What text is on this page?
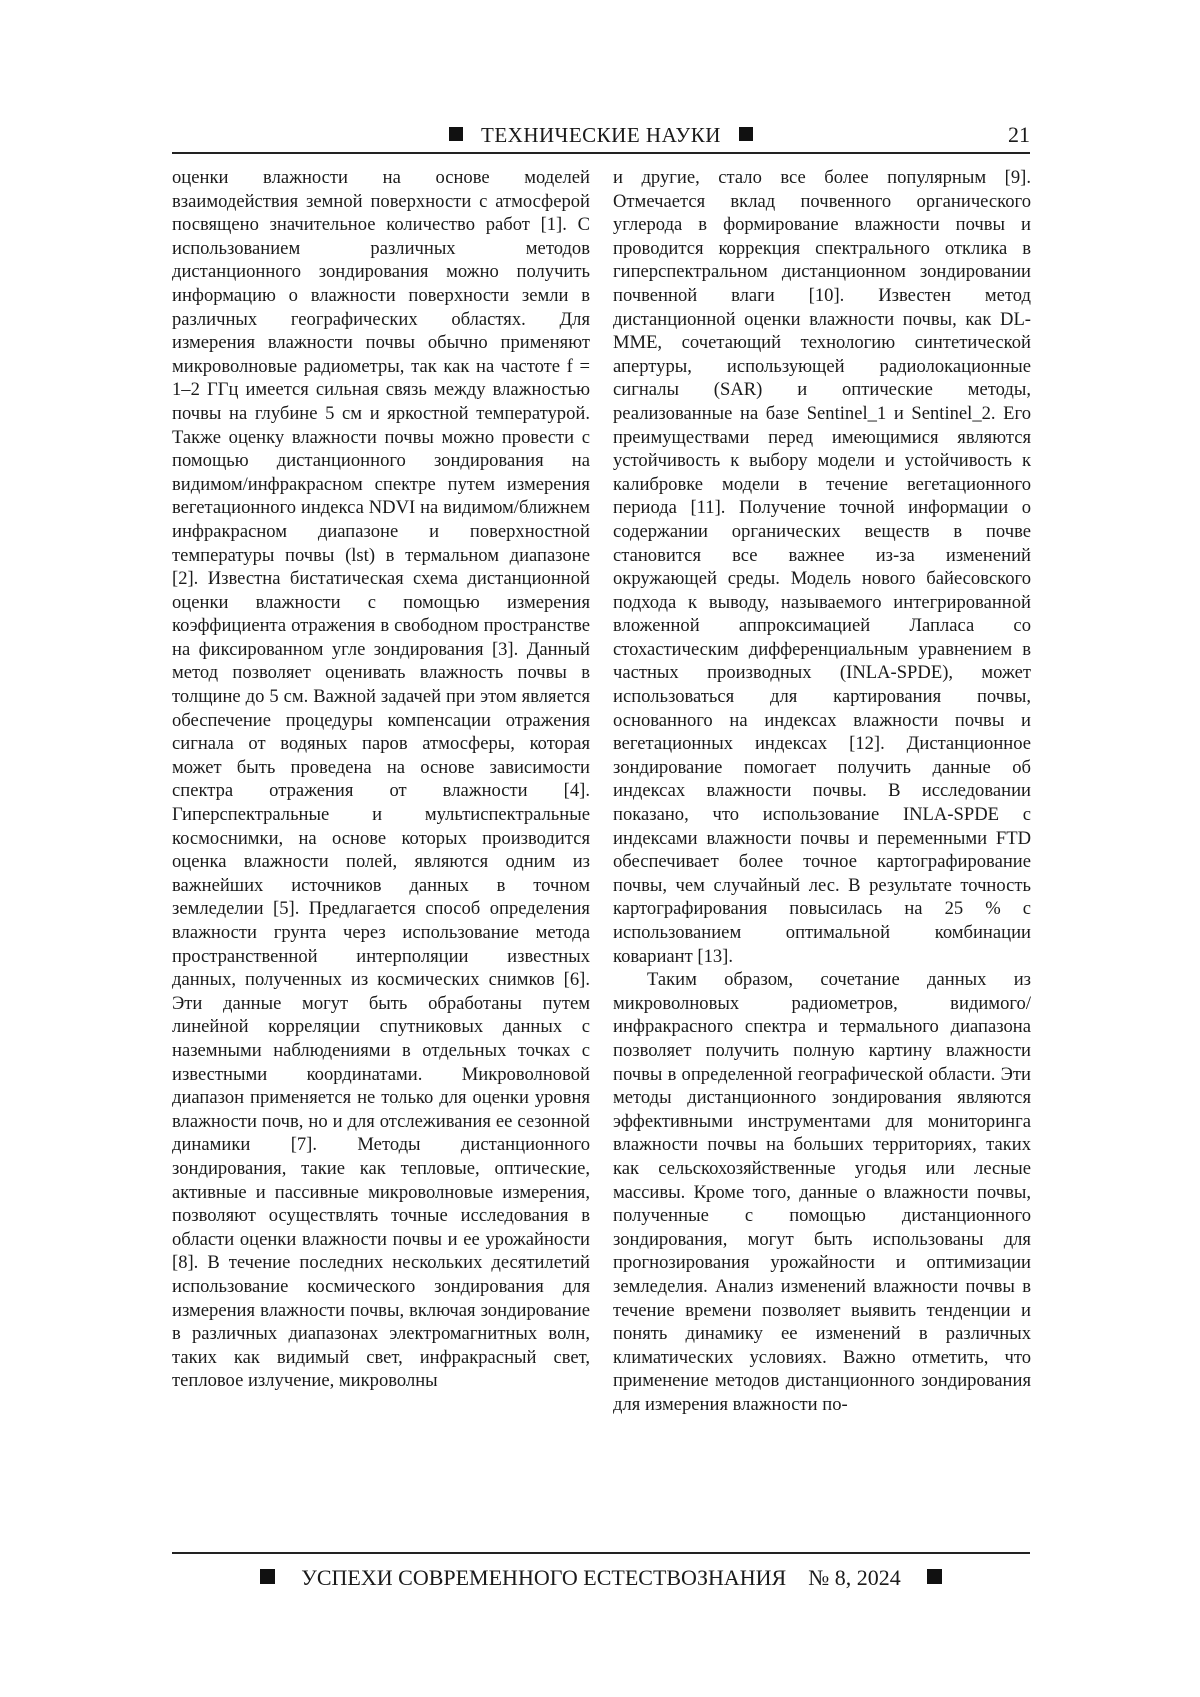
ТЕХНИЧЕСКИЕ НАУКИ	21

оценки влажности на основе моделей взаимодействия земной поверхности с атмосферой посвящено значительное количество работ [1]. С использованием различных методов дистанционного зондирования можно получить информацию о влажности поверхности земли в различных географических областях. Для измерения влажности почвы обычно применяют микроволновые радиометры, так как на частоте f = 1–2 ГГц имеется сильная связь между влажностью почвы на глубине 5 см и яркостной температурой. Также оценку влажности почвы можно провести с помощью дистанционного зондирования на видимом/инфракрасном спектре путем измерения вегетационного индекса NDVI на видимом/ближнем инфракрасном диапазоне и поверхностной температуры почвы (lst) в термальном диапазоне [2]. Известна бистатическая схема дистанционной оценки влажности с помощью измерения коэффициента отражения в свободном пространстве на фиксированном угле зондирования [3]. Данный метод позволяет оценивать влажность почвы в толщине до 5 см. Важной задачей при этом является обеспечение процедуры компенсации отражения сигнала от водяных паров атмосферы, которая может быть проведена на основе зависимости спектра отражения от влажности [4]. Гиперспектральные и мультиспектральные космоснимки, на основе которых производится оценка влажности полей, являются одним из важнейших источников данных в точном земледелии [5]. Предлагается способ определения влажности грунта через использование метода пространственной интерполяции известных данных, полученных из космических снимков [6]. Эти данные могут быть обработаны путем линейной корреляции спутниковых данных с наземными наблюдениями в отдельных точках с известными координатами. Микроволновой диапазон применяется не только для оценки уровня влажности почв, но и для отслеживания ее сезонной динамики [7]. Методы дистанционного зондирования, такие как тепловые, оптические, активные и пассивные микроволновые измерения, позволяют осуществлять точные исследования в области оценки влажности почвы и ее урожайности [8]. В течение последних нескольких десятилетий использование космического зондирования для измерения влажности почвы, включая зондирование в различных диапазонах электромагнитных волн, таких как видимый свет, инфракрасный свет, тепловое излучение, микроволны

и другие, стало все более популярным [9]. Отмечается вклад почвенного органического углерода в формирование влажности почвы и проводится коррекция спектрального отклика в гиперспектральном дистанционном зондировании почвенной влаги [10]. Известен метод дистанционной оценки влажности почвы, как DL-MME, сочетающий технологию синтетической апертуры, использующей радиолокационные сигналы (SAR) и оптические методы, реализованные на базе Sentinel_1 и Sentinel_2. Его преимуществами перед имеющимися являются устойчивость к выбору модели и устойчивость к калибровке модели в течение вегетационного периода [11]. Получение точной информации о содержании органических веществ в почве становится все важнее из-за изменений окружающей среды. Модель нового байесовского подхода к выводу, называемого интегрированной вложенной аппроксимацией Лапласа со стохастическим дифференциальным уравнением в частных производных (INLA-SPDE), может использоваться для картирования почвы, основанного на индексах влажности почвы и вегетационных индексах [12]. Дистанционное зондирование помогает получить данные об индексах влажности почвы. В исследовании показано, что использование INLA-SPDE с индексами влажности почвы и переменными FTD обеспечивает более точное картографирование почвы, чем случайный лес. В результате точность картографирования повысилась на 25 % с использованием оптимальной комбинации ковариант [13].

Таким образом, сочетание данных из микроволновых радиометров, видимого/инфракрасного спектра и термального диапазона позволяет получить полную картину влажности почвы в определенной географической области. Эти методы дистанционного зондирования являются эффективными инструментами для мониторинга влажности почвы на больших территориях, таких как сельскохозяйственные угодья или лесные массивы. Кроме того, данные о влажности почвы, полученные с помощью дистанционного зондирования, могут быть использованы для прогнозирования урожайности и оптимизации земледелия. Анализ изменений влажности почвы в течение времени позволяет выявить тенденции и понять динамику ее изменений в различных климатических условиях. Важно отметить, что применение методов дистанционного зондирования для измерения влажности по-

УСПЕХИ СОВРЕМЕННОГО ЕСТЕСТВОЗНАНИЯ № 8, 2024
